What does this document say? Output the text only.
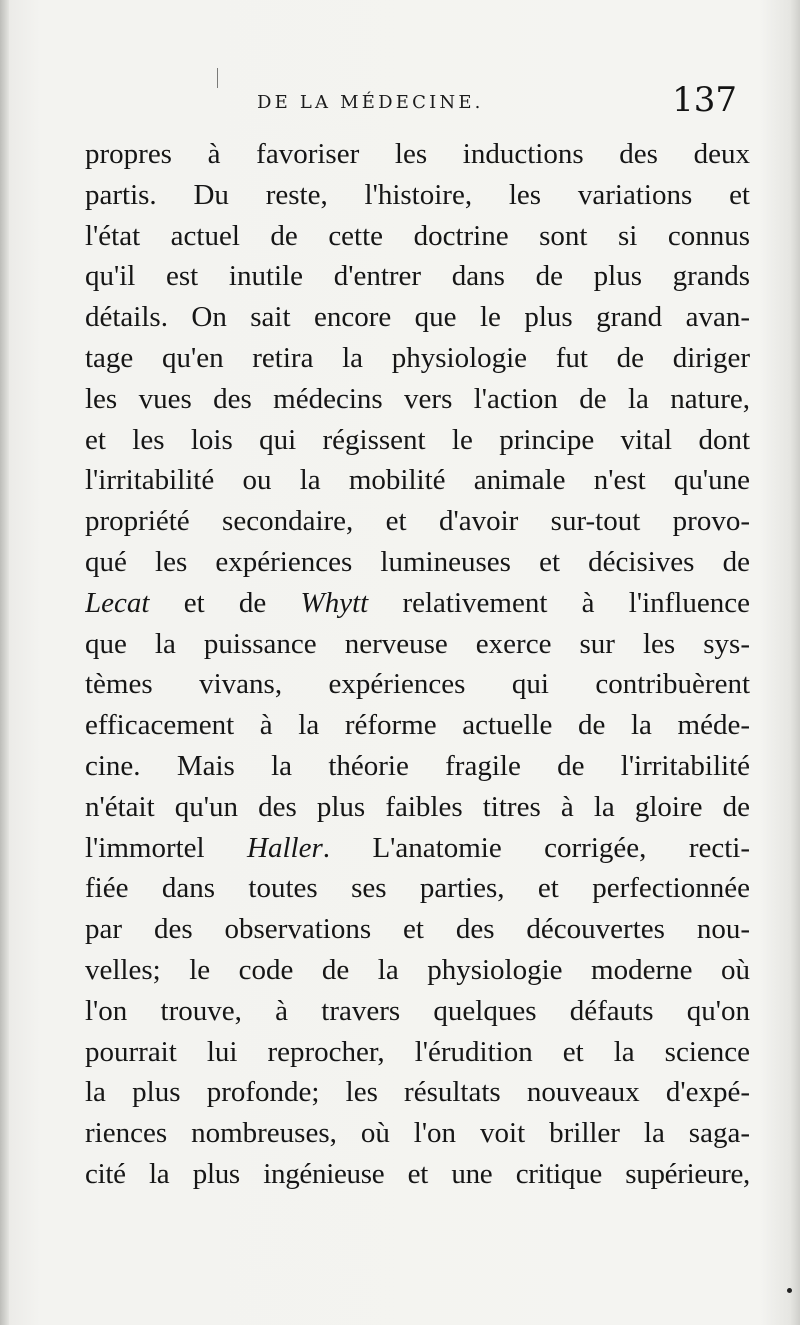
DE LA MÉDECINE.	137
propres à favoriser les inductions des deux
partis. Du reste, l'histoire, les variations et
l'état actuel de cette doctrine sont si connus
qu'il est inutile d'entrer dans de plus grands
détails. On sait encore que le plus grand avan-
tage qu'en retira la physiologie fut de diriger
les vues des médecins vers l'action de la nature,
et les lois qui régissent le principe vital dont
l'irritabilité ou la mobilité animale n'est qu'une
propriété secondaire, et d'avoir sur-tout provo-
qué les expériences lumineuses et décisives de
Lecat et de Whytt relativement à l'influence
que la puissance nerveuse exerce sur les sys-
tèmes vivans, expériences qui contribuèrent
efficacement à la réforme actuelle de la méde-
cine. Mais la théorie fragile de l'irritabilité
n'était qu'un des plus faibles titres à la gloire de
l'immortel Haller. L'anatomie corrigée, recti-
fiée dans toutes ses parties, et perfectionnée
par des observations et des découvertes nou-
velles; le code de la physiologie moderne où
l'on trouve, à travers quelques défauts qu'on
pourrait lui reprocher, l'érudition et la science
la plus profonde; les résultats nouveaux d'expé-
riences nombreuses, où l'on voit briller la saga-
cité la plus ingénieuse et une critique supérieure,
